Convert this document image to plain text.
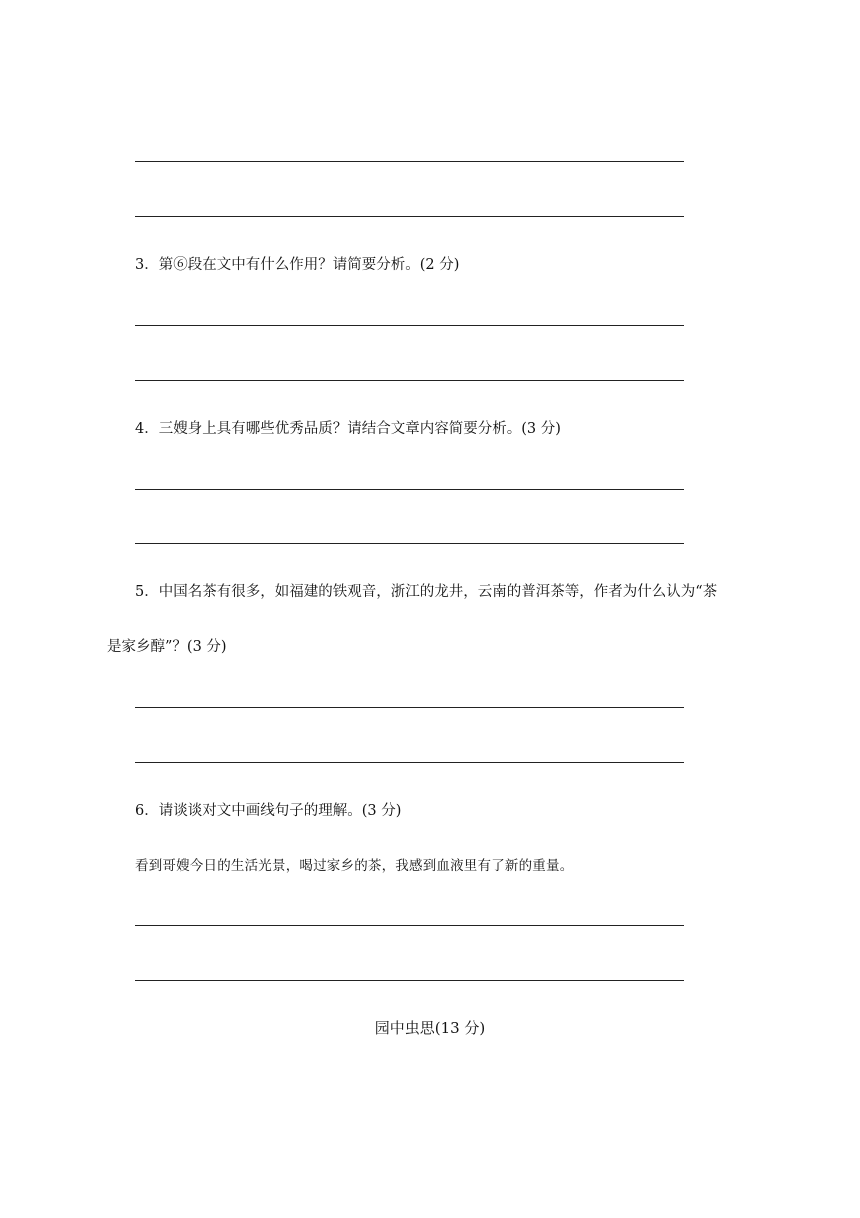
3．第⑥段在文中有什么作用？请简要分析。(2 分)
4．三嫂身上具有哪些优秀品质？请结合文章内容简要分析。(3 分)
5．中国名茶有很多，如福建的铁观音，浙江的龙井，云南的普洱茶等，作者为什么认为“茶
是家乡醇”？(3 分)
6．请谈谈对文中画线句子的理解。(3 分)
看到哥嫂今日的生活光景，喝过家乡的茶，我感到血液里有了新的重量。
园中虫思(13 分)
